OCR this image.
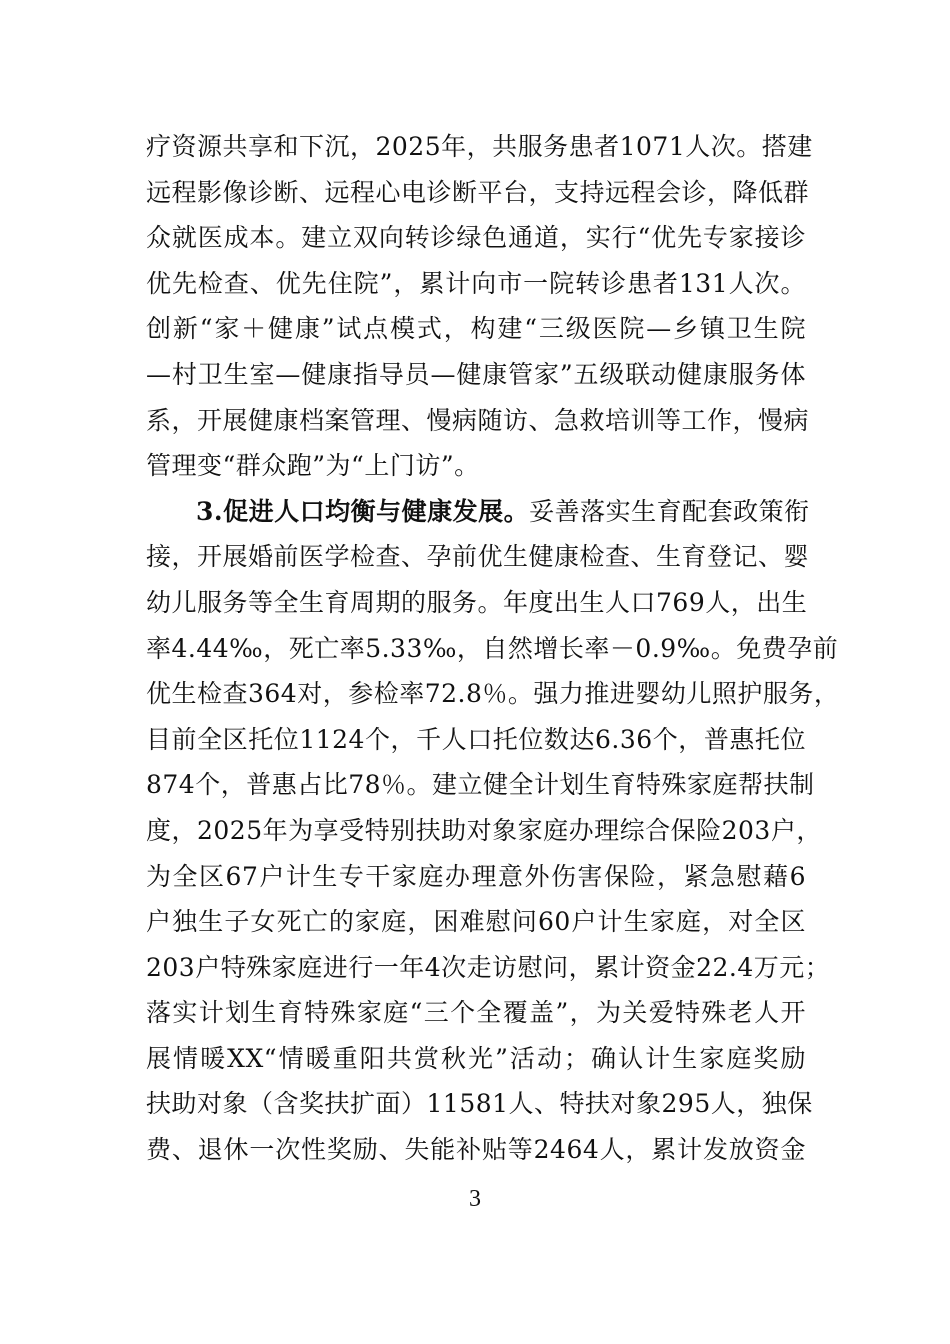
疗资源共享和下沉，2025年，共服务患者1071人次。搭建
远程影像诊断、远程心电诊断平台，支持远程会诊，降低群
众就医成本。建立双向转诊绿色通道，实行“优先专家接诊
优先检查、优先住院”，累计向市一院转诊患者131人次。
创新“家＋健康”试点模式，构建“三级医院—乡镇卫生院
—村卫生室—健康指导员—健康管家”五级联动健康服务体
系，开展健康档案管理、慢病随访、急救培训等工作，慢病
管理变“群众跑”为“上门访”。
3.促进人口均衡与健康发展。妥善落实生育配套政策衔
接，开展婚前医学检查、孕前优生健康检查、生育登记、婴
幼儿服务等全生育周期的服务。年度出生人口769人，出生
率4.44‰，死亡率5.33‰，自然增长率－0.9‰。免费孕前
优生检查364对，参检率72.8％。强力推进婴幼儿照护服务，
目前全区托位1124个，千人口托位数达6.36个，普惠托位
874个，普惠占比78％。建立健全计划生育特殊家庭帮扶制
度，2025年为享受特别扶助对象家庭办理综合保险203户，
为全区67户计生专干家庭办理意外伤害保险，紧急慰藉6
户独生子女死亡的家庭，困难慰问60户计生家庭，对全区
203户特殊家庭进行一年4次走访慰问，累计资金22.4万元；
落实计划生育特殊家庭“三个全覆盖”，为关爱特殊老人开
展情暖XX“情暖重阳共赏秋光”活动；确认计生家庭奖励
扶助对象（含奖扶扩面）11581人、特扶对象295人，独保
费、退休一次性奖励、失能补贴等2464人，累计发放资金
3
